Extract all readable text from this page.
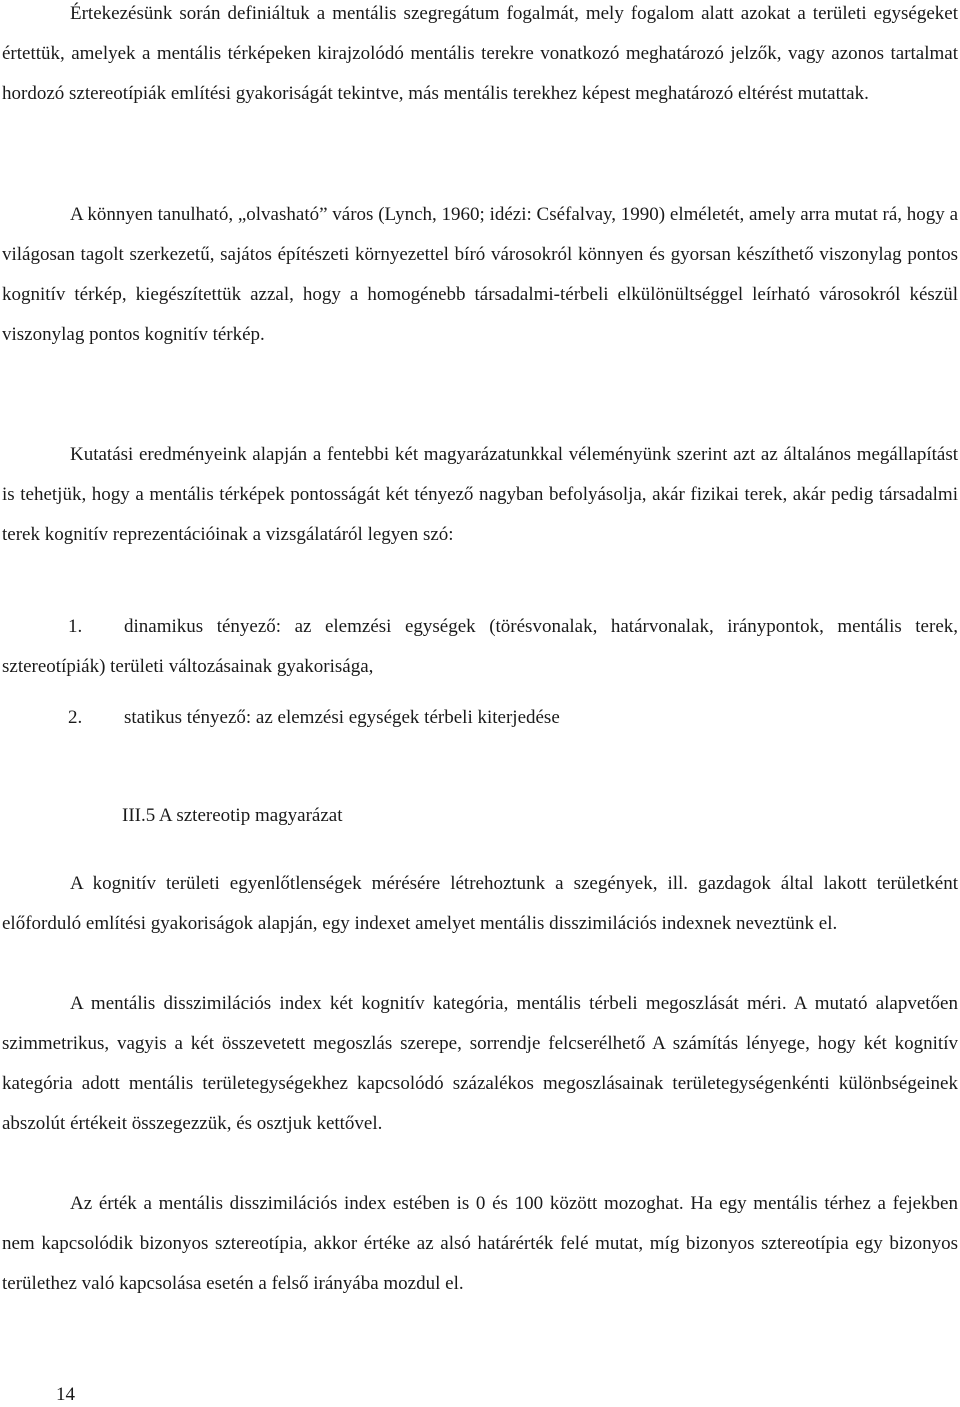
Értekezésünk során definiáltuk a mentális szegregátum fogalmát, mely fogalom alatt azokat a területi egységeket értettük, amelyek a mentális térképeken kirajzolódó mentális terekre vonatkozó meghatározó jelzők, vagy azonos tartalmat hordozó sztereotípiák említési gyakoriságát tekintve, más mentális terekhez képest meghatározó eltérést mutattak.

A könnyen tanulható, „olvasható” város (Lynch, 1960; idézi: Cséfalvay, 1990) elméletét, amely arra mutat rá, hogy a világosan tagolt szerkezetű, sajátos építészeti környezettel bíró városokról könnyen és gyorsan készíthető viszonylag pontos kognitív térkép, kiegészítettük azzal, hogy a homogénebb társadalmi-térbeli elkülönültséggel leírható városokról készül viszonylag pontos kognitív térkép.

Kutatási eredményeink alapján a fentebbi két magyarázatunkkal véleményünk szerint azt az általános megállapítást is tehetjük, hogy a mentális térképek pontosságát két tényező nagyban befolyásolja, akár fizikai terek, akár pedig társadalmi terek kognitív reprezentációinak a vizsgálatáról legyen szó:

1. dinamikus tényező: az elemzési egységek (törésvonalak, határvonalak, iránypontok, mentális terek, sztereotípiák) területi változásainak gyakorisága,

2. statikus tényező: az elemzési egységek térbeli kiterjedése

III.5 A sztereotip magyarázat

A kognitív területi egyenlőtlenségek mérésére létrehoztunk a szegények, ill. gazdagok által lakott területként előforduló említési gyakoriságok alapján, egy indexet amelyet mentális disszimilációs indexnek neveztünk el.

A mentális disszimilációs index két kognitív kategória, mentális térbeli megoszlását méri. A mutató alapvetően szimmetrikus, vagyis a két összevetett megoszlás szerepe, sorrendje felcserélhető A számítás lényege, hogy két kognitív kategória adott mentális területegységekhez kapcsolódó százalékos megoszlásainak területegységenkénti különbségeinek abszolút értékeit összegezzük, és osztjuk kettővel.

Az érték a mentális disszimilációs index estében is 0 és 100 között mozoghat. Ha egy mentális térhez a fejekben nem kapcsolódik bizonyos sztereotípia, akkor értéke az alsó határérték felé mutat, míg bizonyos sztereotípia egy bizonyos területhez való kapcsolása esetén a felső irányába mozdul el.

14
